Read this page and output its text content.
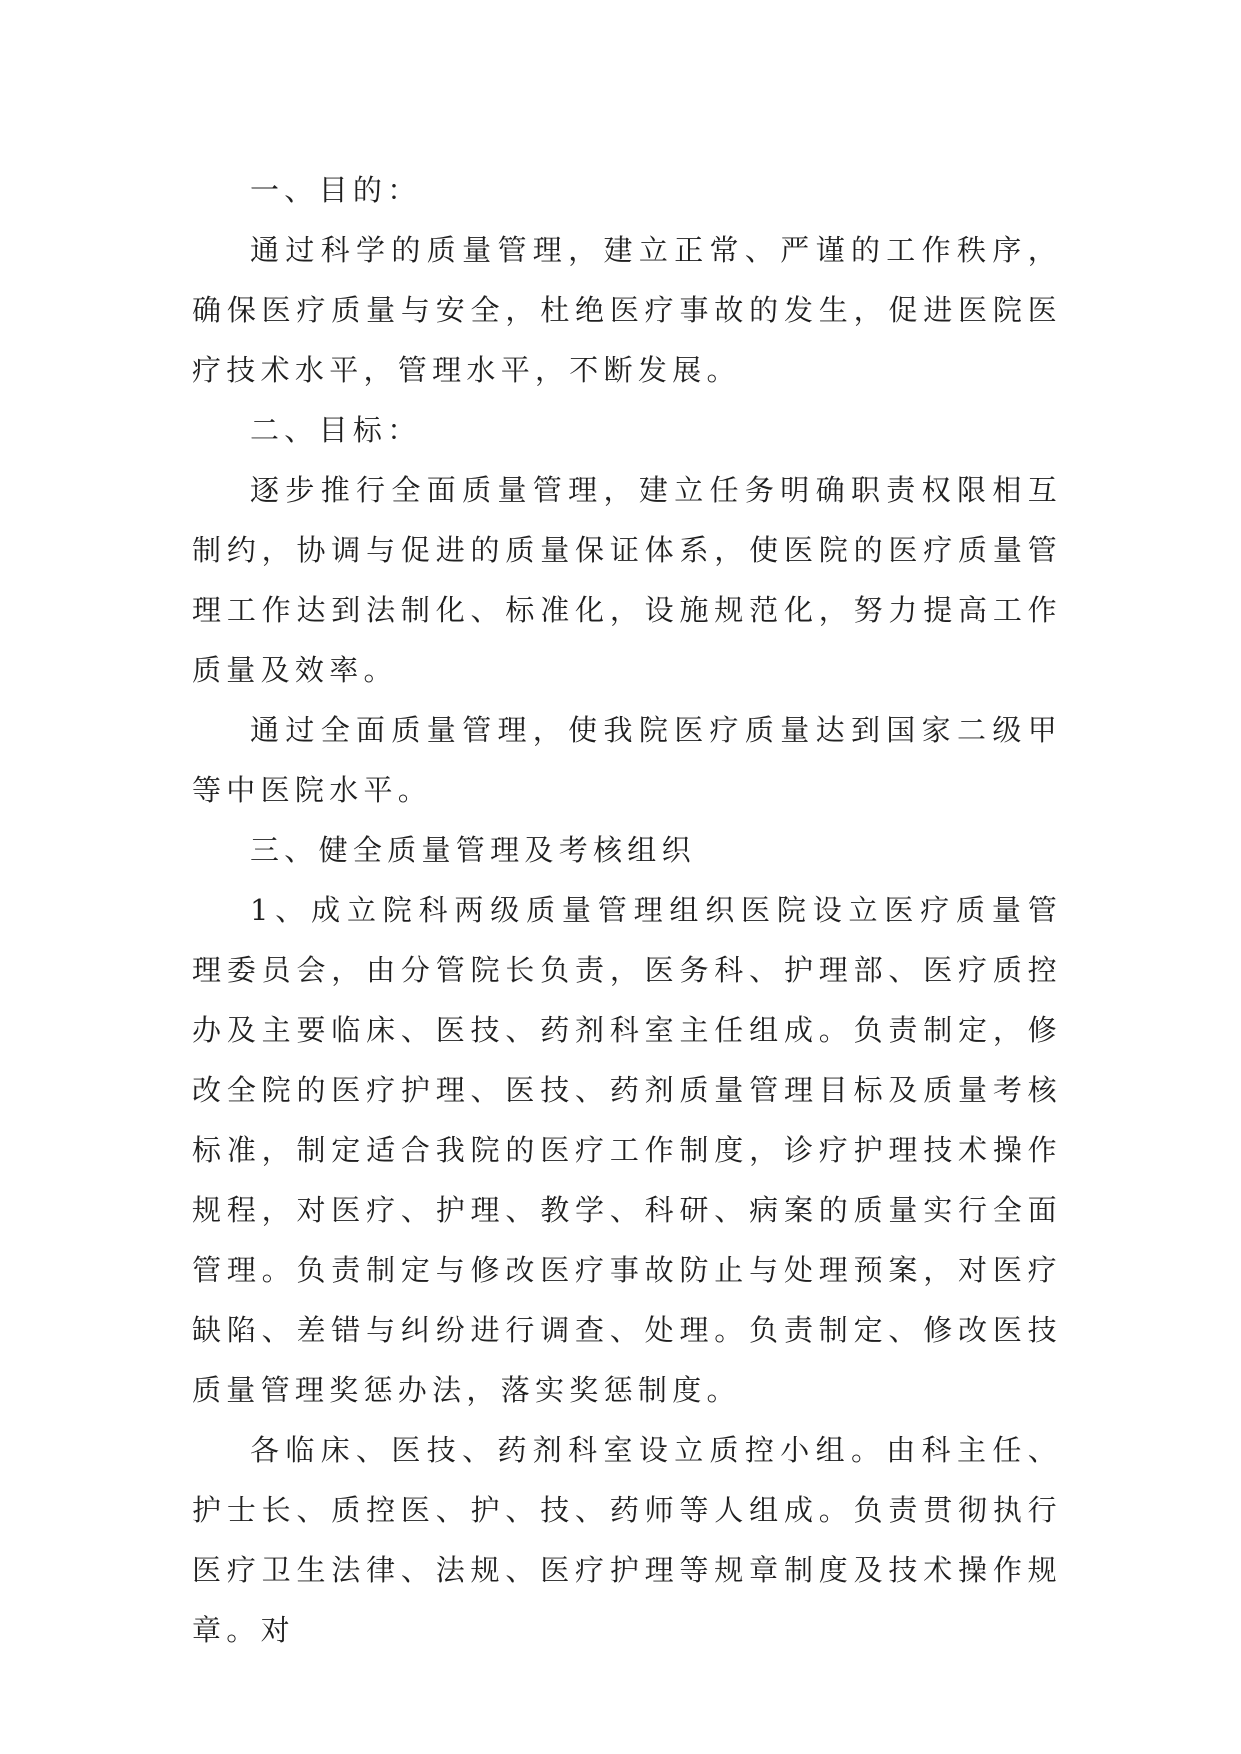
一、目的：

通过科学的质量管理，建立正常、严谨的工作秩序，确保医疗质量与安全，杜绝医疗事故的发生，促进医院医疗技术水平，管理水平，不断发展。

二、目标：

逐步推行全面质量管理，建立任务明确职责权限相互制约，协调与促进的质量保证体系，使医院的医疗质量管理工作达到法制化、标准化，设施规范化，努力提高工作质量及效率。

通过全面质量管理，使我院医疗质量达到国家二级甲等中医院水平。

三、健全质量管理及考核组织

1、成立院科两级质量管理组织医院设立医疗质量管理委员会，由分管院长负责，医务科、护理部、医疗质控办及主要临床、医技、药剂科室主任组成。负责制定，修改全院的医疗护理、医技、药剂质量管理目标及质量考核标准，制定适合我院的医疗工作制度，诊疗护理技术操作规程，对医疗、护理、教学、科研、病案的质量实行全面管理。负责制定与修改医疗事故防止与处理预案，对医疗缺陷、差错与纠纷进行调查、处理。负责制定、修改医技质量管理奖惩办法，落实奖惩制度。

各临床、医技、药剂科室设立质控小组。由科主任、护士长、质控医、护、技、药师等人组成。负责贯彻执行医疗卫生法律、法规、医疗护理等规章制度及技术操作规章。对
